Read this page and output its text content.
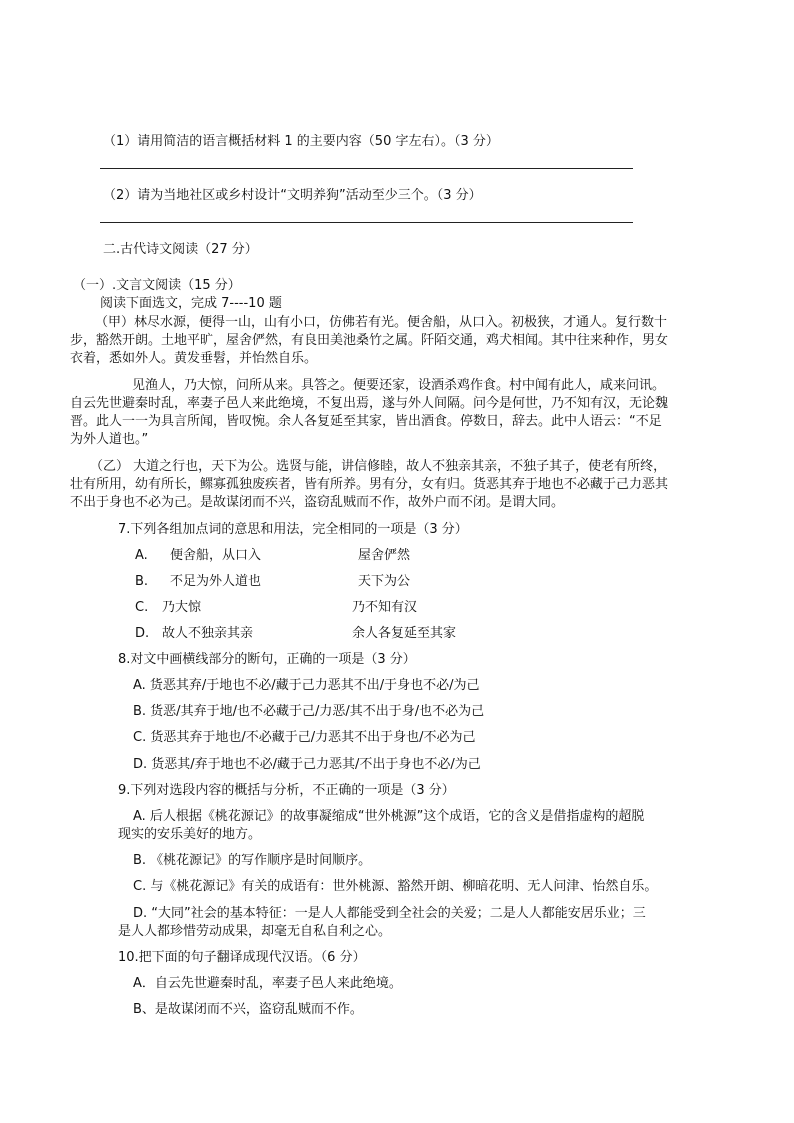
（1）请用简洁的语言概括材料 1 的主要内容（50 字左右）。（3 分）
（2）请为当地社区或乡村设计“文明养狗”活动至少三个。（3 分）
二.古代诗文阅读（27 分）
（一）.文言文阅读（15 分）
阅读下面选文，完成 7----10 题
（甲）林尽水源，便得一山，山有小口，仿佛若有光。便舍船，从口入。初极狭，才通人。复行数十
步，豁然开朗。土地平旷，屋舍俨然，有良田美池桑竹之属。阡陌交通，鸡犬相闻。其中往来种作，男女
衣着，悉如外人。黄发垂髫，并怡然自乐。
见渔人，乃大惊，问所从来。具答之。便要还家，设酒杀鸡作食。村中闻有此人，咸来问讯。
自云先世避秦时乱，率妻子邑人来此绝境，不复出焉，遂与外人间隔。问今是何世，乃不知有汉，无论魏
晋。此人一一为具言所闻，皆叹惋。余人各复延至其家，皆出酒食。停数日，辞去。此中人语云：“不足
为外人道也。”
（乙） 大道之行也，天下为公。选贤与能，讲信修睦，故人不独亲其亲，不独子其子，使老有所终，
壮有所用，幼有所长，鳏寡孤独废疾者，皆有所养。男有分，女有归。货恶其弃于地也不必藏于己力恶其
不出于身也不必为己。是故谋闭而不兴，盗窃乱贼而不作，故外户而不闭。是谓大同。
7.下列各组加点词的意思和用法，完全相同的一项是（3 分）
A. 便舍船，从口入	屋舍俨然
B. 不足为外人道也	天下为公
C. 乃大惊	乃不知有汉
D. 故人不独亲其亲	余人各复延至其家
8.对文中画横线部分的断句，正确的一项是（3 分）
A. 货恶其弃/于地也不必/藏于己力恶其不出/于身也不必/为己
B. 货恶/其弃于地/也不必藏于己/力恶/其不出于身/也不必为己
C. 货恶其弃于地也/不必藏于己/力恶其不出于身也/不必为己
D. 货恶其/弃于地也不必/藏于己力恶其/不出于身也不必/为己
9.下列对选段内容的概括与分析，不正确的一项是（3 分）
A. 后人根据《桃花源记》的故事凝缩成“世外桃源”这个成语，它的含义是借指虚构的超脱
现实的安乐美好的地方。
B. 《桃花源记》的写作顺序是时间顺序。
C. 与《桃花源记》有关的成语有：世外桃源、豁然开朗、柳暗花明、无人问津、怡然自乐。
D. “大同”社会的基本特征：一是人人都能受到全社会的关爱；二是人人都能安居乐业；三
是人人都珍惜劳动成果，却毫无自私自利之心。
10.把下面的句子翻译成现代汉语。（6 分）
A．自云先世避秦时乱，率妻子邑人来此绝境。
B、是故谋闭而不兴，盗窃乱贼而不作。
